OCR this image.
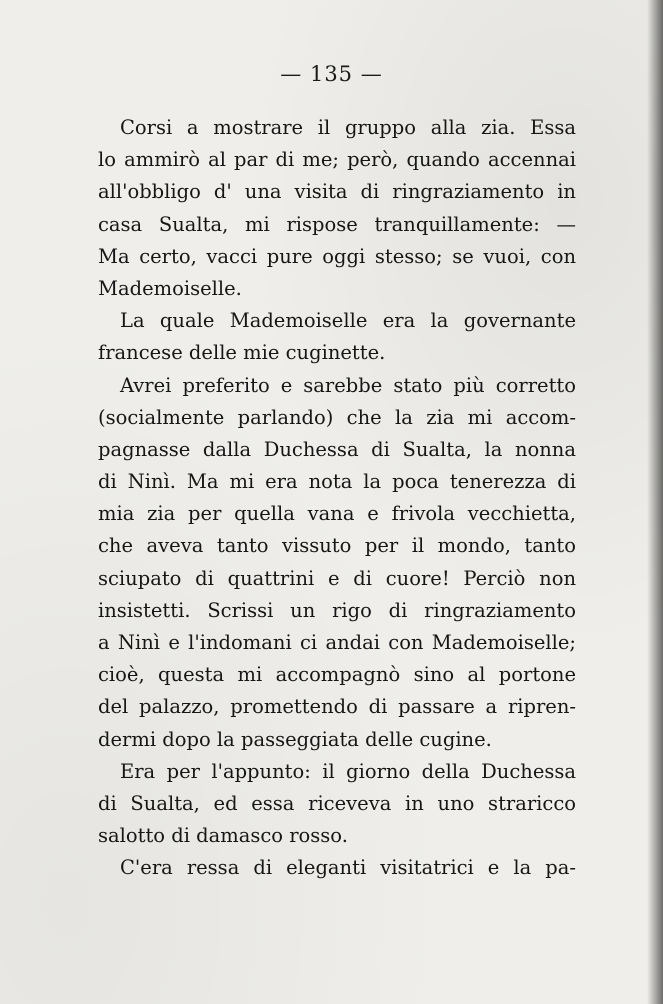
— 135 —
Corsi a mostrare il gruppo alla zia. Essa
lo ammirò al par di me; però, quando accennai
all'obbligo d' una visita di ringraziamento in
casa Sualta, mi rispose tranquillamente: —
Ma certo, vacci pure oggi stesso; se vuoi, con
Mademoiselle.
La quale Mademoiselle era la governante
francese delle mie cuginette.
Avrei preferito e sarebbe stato più corretto
(socialmente parlando) che la zia mi accom-
pagnasse dalla Duchessa di Sualta, la nonna
di Ninì. Ma mi era nota la poca tenerezza di
mia zia per quella vana e frivola vecchietta,
che aveva tanto vissuto per il mondo, tanto
sciupato di quattrini e di cuore! Perciò non
insistetti. Scrissi un rigo di ringraziamento
a Ninì e l'indomani ci andai con Mademoiselle;
cioè, questa mi accompagnò sino al portone
del palazzo, promettendo di passare a ripren-
dermi dopo la passeggiata delle cugine.
Era per l'appunto: il giorno della Duchessa
di Sualta, ed essa riceveva in uno straricco
salotto di damasco rosso.
C'era ressa di eleganti visitatrici e la pa-
